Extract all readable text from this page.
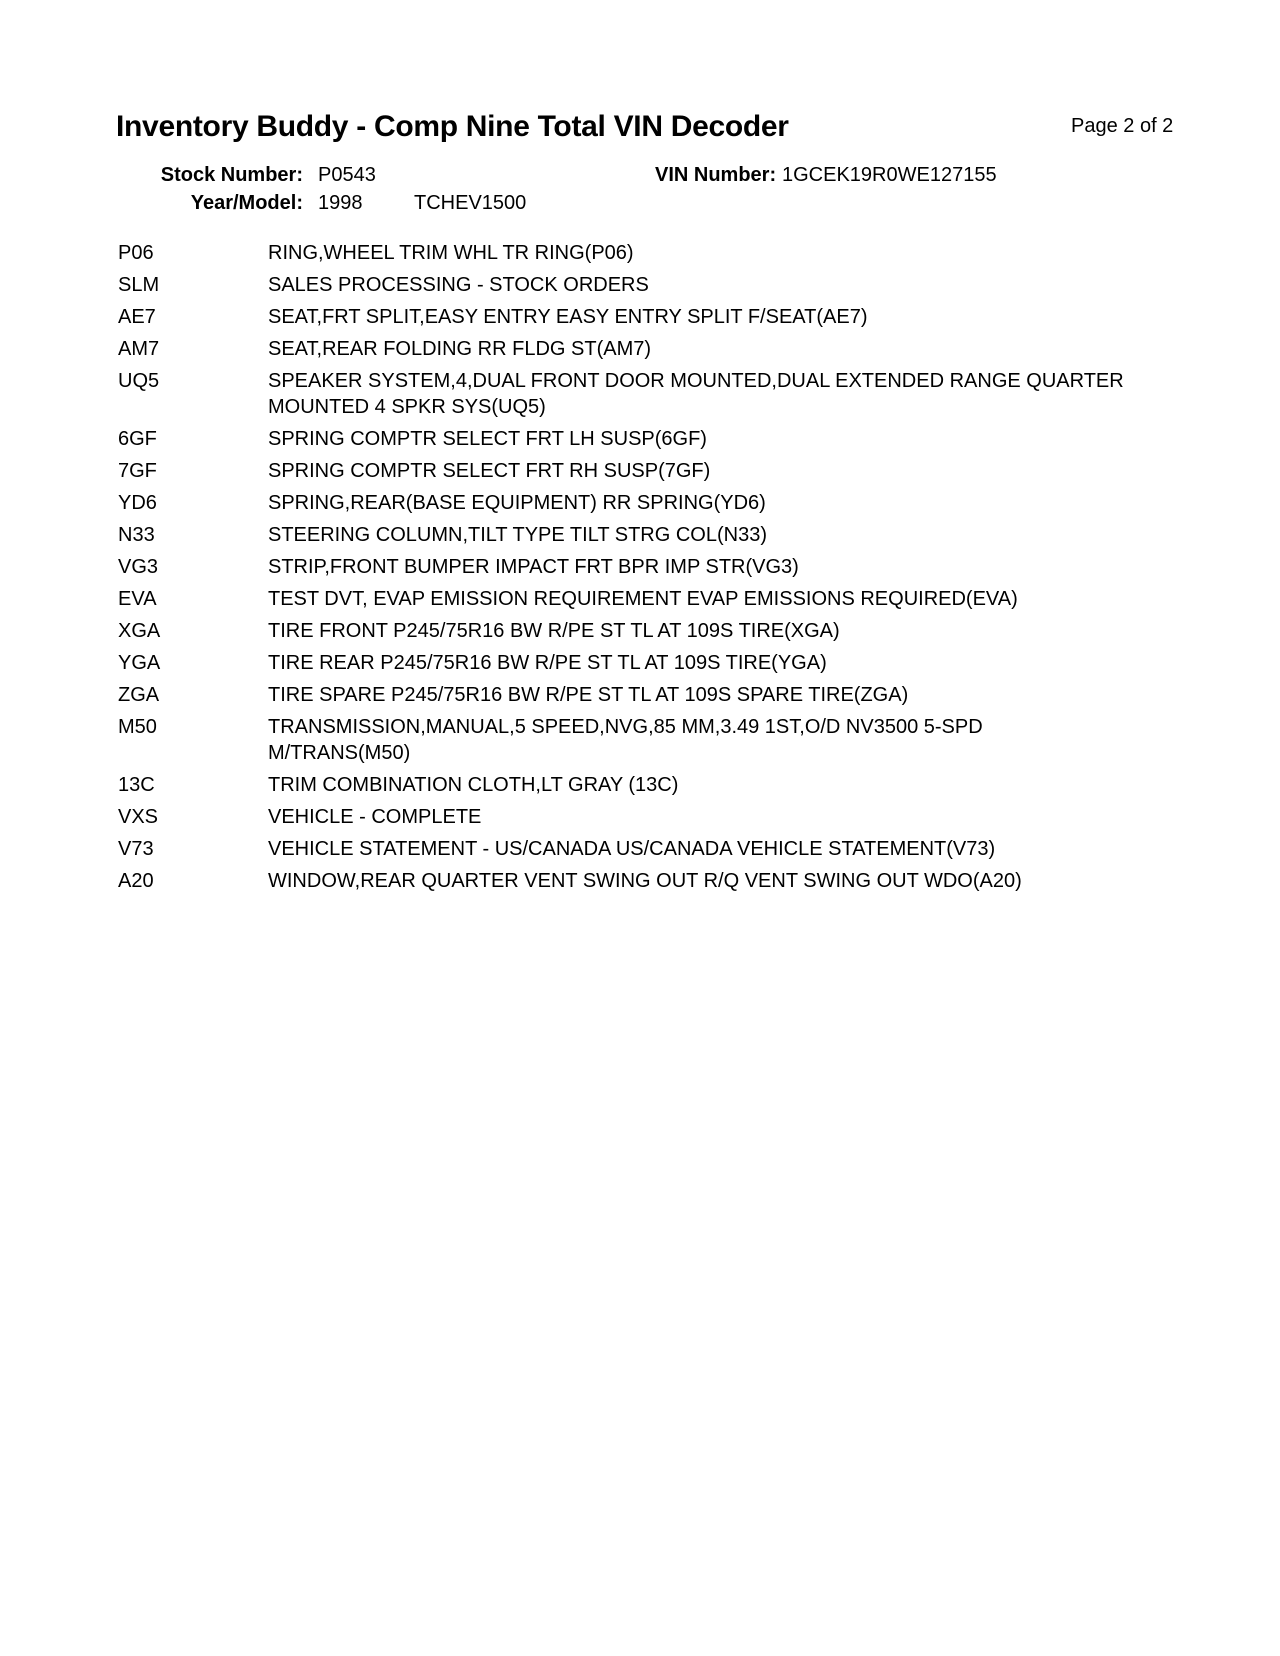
Inventory Buddy - Comp Nine Total VIN Decoder	Page 2 of 2
Stock Number: P0543	VIN Number: 1GCEK19R0WE127155
Year/Model: 1998	TCHEV1500
P06	RING,WHEEL TRIM WHL TR RING(P06)
SLM	SALES PROCESSING - STOCK ORDERS
AE7	SEAT,FRT SPLIT,EASY ENTRY EASY ENTRY SPLIT F/SEAT(AE7)
AM7	SEAT,REAR FOLDING RR FLDG ST(AM7)
UQ5	SPEAKER SYSTEM,4,DUAL FRONT DOOR MOUNTED,DUAL EXTENDED RANGE QUARTER
MOUNTED 4 SPKR SYS(UQ5)
6GF	SPRING COMPTR SELECT FRT LH SUSP(6GF)
7GF	SPRING COMPTR SELECT FRT RH SUSP(7GF)
YD6	SPRING,REAR(BASE EQUIPMENT) RR SPRING(YD6)
N33	STEERING COLUMN,TILT TYPE TILT STRG COL(N33)
VG3	STRIP,FRONT BUMPER IMPACT FRT BPR IMP STR(VG3)
EVA	TEST DVT, EVAP EMISSION REQUIREMENT EVAP EMISSIONS REQUIRED(EVA)
XGA	TIRE FRONT P245/75R16 BW R/PE ST TL AT 109S TIRE(XGA)
YGA	TIRE REAR P245/75R16 BW R/PE ST TL AT 109S TIRE(YGA)
ZGA	TIRE SPARE P245/75R16 BW R/PE ST TL AT 109S SPARE TIRE(ZGA)
M50	TRANSMISSION,MANUAL,5 SPEED,NVG,85 MM,3.49 1ST,O/D NV3500 5-SPD
M/TRANS(M50)
13C	TRIM COMBINATION CLOTH,LT GRAY (13C)
VXS	VEHICLE - COMPLETE
V73	VEHICLE STATEMENT - US/CANADA US/CANADA VEHICLE STATEMENT(V73)
A20	WINDOW,REAR QUARTER VENT SWING OUT R/Q VENT SWING OUT WDO(A20)
